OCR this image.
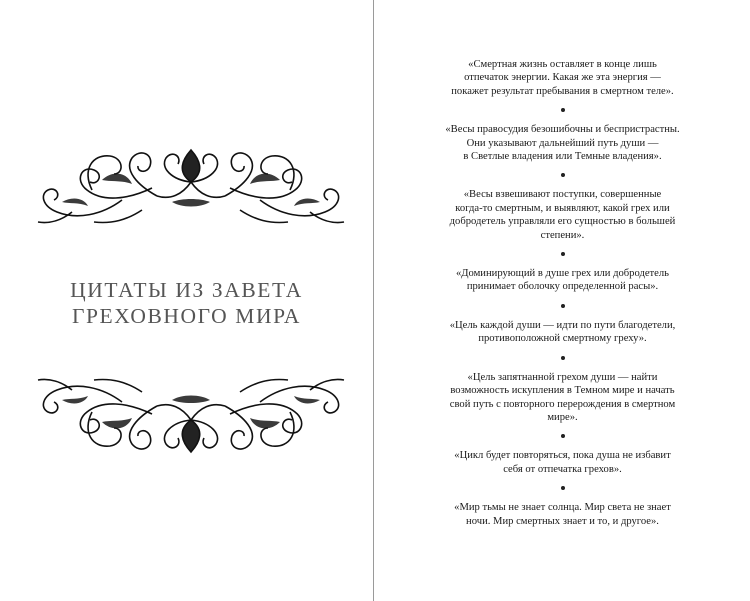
ЦИТАТЫ ИЗ ЗАВЕТА
ГРЕХОВНОГО МИРА

«Смертная жизнь оставляет в конце лишь
отпечаток энергии. Какая же эта энергия —
покажет результат пребывания в смертном теле».

«Весы правосудия безошибочны и беспристрастны.
Они указывают дальнейший путь души —
в Светлые владения или Темные владения».

«Весы взвешивают поступки, совершенные
когда-то смертным, и выявляют, какой грех или
добродетель управляли его сущностью в большей
степени».

«Доминирующий в душе грех или добродетель
принимает оболочку определенной расы».

«Цель каждой души — идти по пути благодетели,
противоположной смертному греху».

«Цель запятнанной грехом души — найти
возможность искупления в Темном мире и начать
свой путь с повторного перерождения в смертном
мире».

«Цикл будет повторяться, пока душа не избавит
себя от отпечатка грехов».

«Мир тьмы не знает солнца. Мир света не знает
ночи. Мир смертных знает и то, и другое».
